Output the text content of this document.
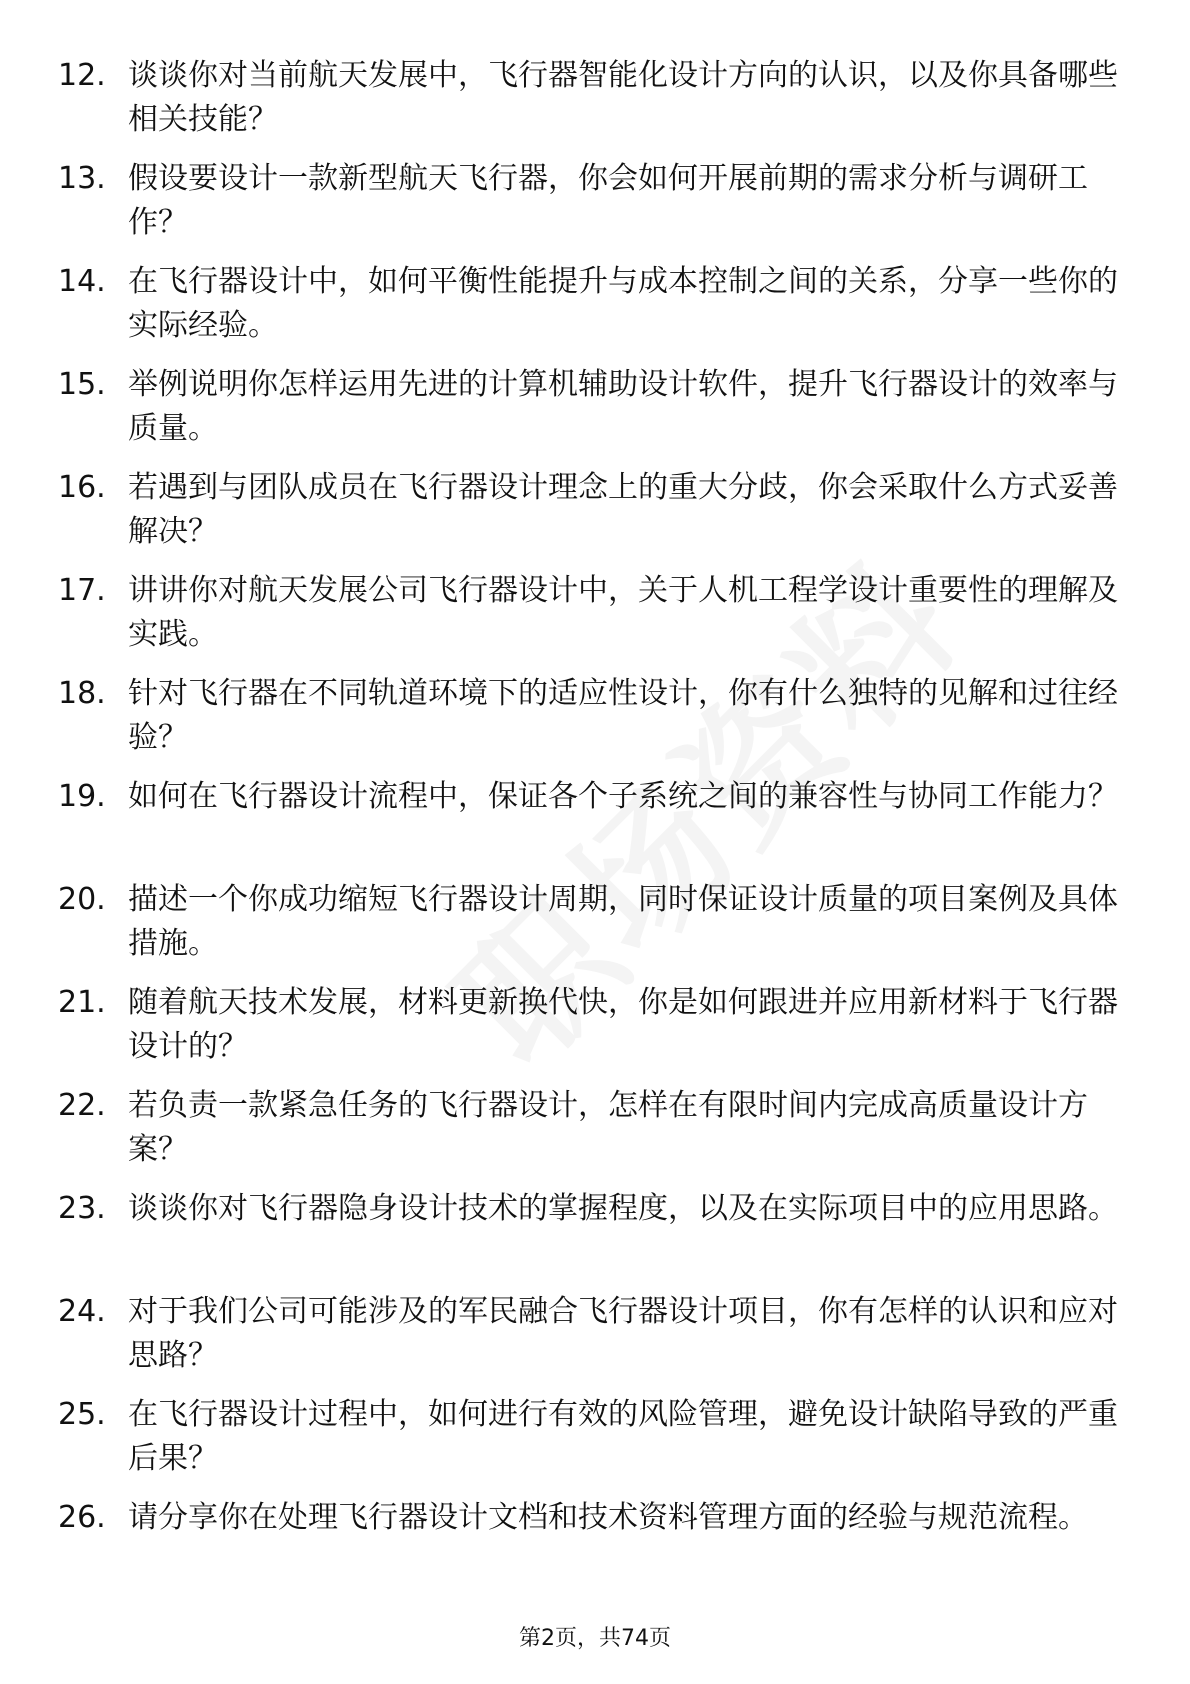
12. 谈谈你对当前航天发展中，飞行器智能化设计方向的认识，以及你具备哪些相关技能？
13. 假设要设计一款新型航天飞行器，你会如何开展前期的需求分析与调研工作？
14. 在飞行器设计中，如何平衡性能提升与成本控制之间的关系，分享一些你的实际经验。
15. 举例说明你怎样运用先进的计算机辅助设计软件，提升飞行器设计的效率与质量。
16. 若遇到与团队成员在飞行器设计理念上的重大分歧，你会采取什么方式妥善解决？
17. 讲讲你对航天发展公司飞行器设计中，关于人机工程学设计重要性的理解及实践。
18. 针对飞行器在不同轨道环境下的适应性设计，你有什么独特的见解和过往经验？
19. 如何在飞行器设计流程中，保证各个子系统之间的兼容性与协同工作能力？
20. 描述一个你成功缩短飞行器设计周期，同时保证设计质量的项目案例及具体措施。
21. 随着航天技术发展，材料更新换代快，你是如何跟进并应用新材料于飞行器设计的？
22. 若负责一款紧急任务的飞行器设计，怎样在有限时间内完成高质量设计方案？
23. 谈谈你对飞行器隐身设计技术的掌握程度，以及在实际项目中的应用思路。
24. 对于我们公司可能涉及的军民融合飞行器设计项目，你有怎样的认识和应对思路？
25. 在飞行器设计过程中，如何进行有效的风险管理，避免设计缺陷导致的严重后果？
26. 请分享你在处理飞行器设计文档和技术资料管理方面的经验与规范流程。
第2页，共74页
